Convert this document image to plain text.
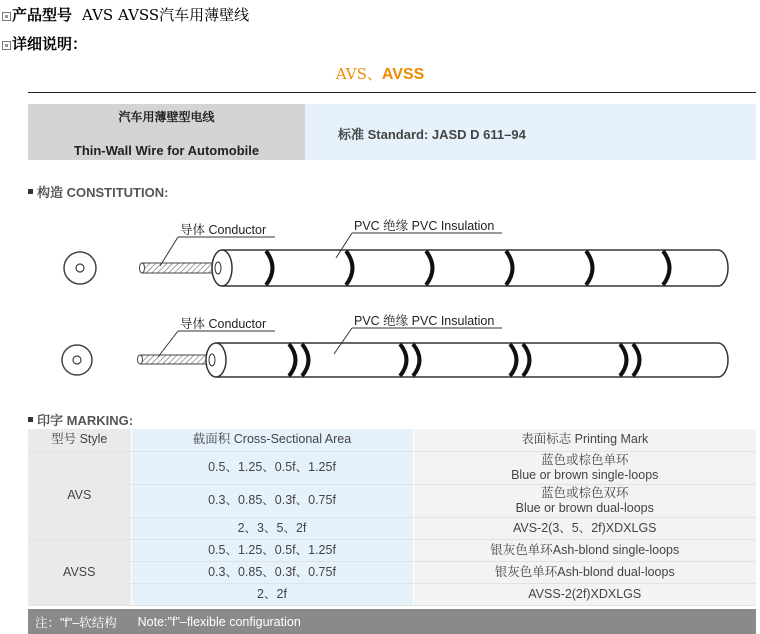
产品型号 AVS AVSS汽车用薄壁线
详细说明：
AVS、AVSS
汽车用薄壁型电线
Thin-Wall Wire for Automobile
标准 Standard: JASD D 611–94
构造 CONSTITUTION:
导体 Conductor	PVC 绝缘 PVC Insulation
导体 Conductor	PVC 绝缘 PVC Insulation
印字 MARKING:
型号 Style	截面积 Cross-Sectional Area	表面标志 Printing Mark
AVS	0.5、1.25、0.5f、1.25f	蓝色或棕色单环
Blue or brown single-loops

	0.3、0.85、0.3f、0.75f	蓝色或棕色双环
Blue or brown dual-loops

	2、3、5、2f	AVS-2(3、5、2f)XDXLGS
AVSS	0.5、1.25、0.5f、1.25f	银灰色单环Ash-blond single-loops
	0.3、0.85、0.3f、0.75f	银灰色单环Ash-blond dual-loops
	2、2f	AVSS-2(2f)XDXLGS
注："f"–软结构
Note:"f"–flexible configuration
